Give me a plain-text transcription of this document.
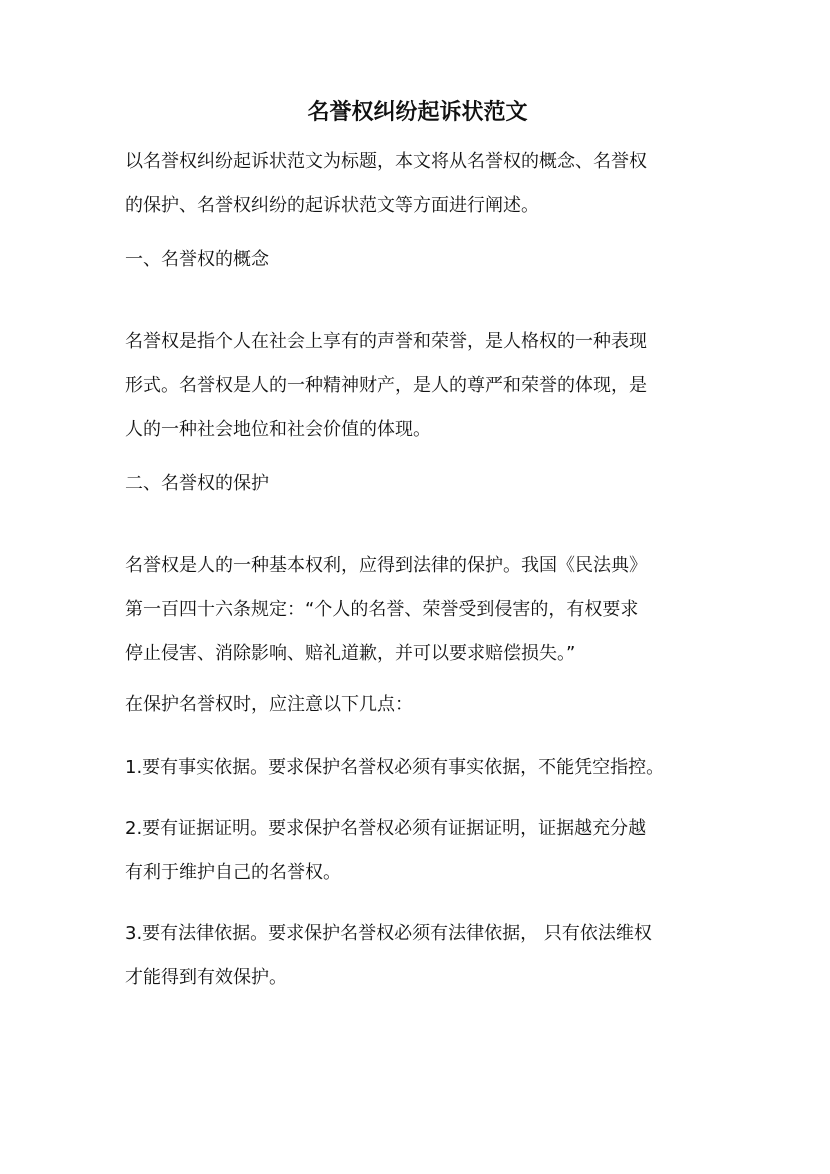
名誉权纠纷起诉状范文

以名誉权纠纷起诉状范文为标题，本文将从名誉权的概念、名誉权
的保护、名誉权纠纷的起诉状范文等方面进行阐述。

一、名誉权的概念

名誉权是指个人在社会上享有的声誉和荣誉，是人格权的一种表现
形式。名誉权是人的一种精神财产，是人的尊严和荣誉的体现，是
人的一种社会地位和社会价值的体现。

二、名誉权的保护

名誉权是人的一种基本权利，应得到法律的保护。我国《民法典》
第一百四十六条规定：“个人的名誉、荣誉受到侵害的，有权要求
停止侵害、消除影响、赔礼道歉，并可以要求赔偿损失。”

在保护名誉权时，应注意以下几点：

1.要有事实依据。要求保护名誉权必须有事实依据，不能凭空指控。

2.要有证据证明。要求保护名誉权必须有证据证明，证据越充分越
有利于维护自己的名誉权。

3.要有法律依据。要求保护名誉权必须有法律依据， 只有依法维权
才能得到有效保护。
